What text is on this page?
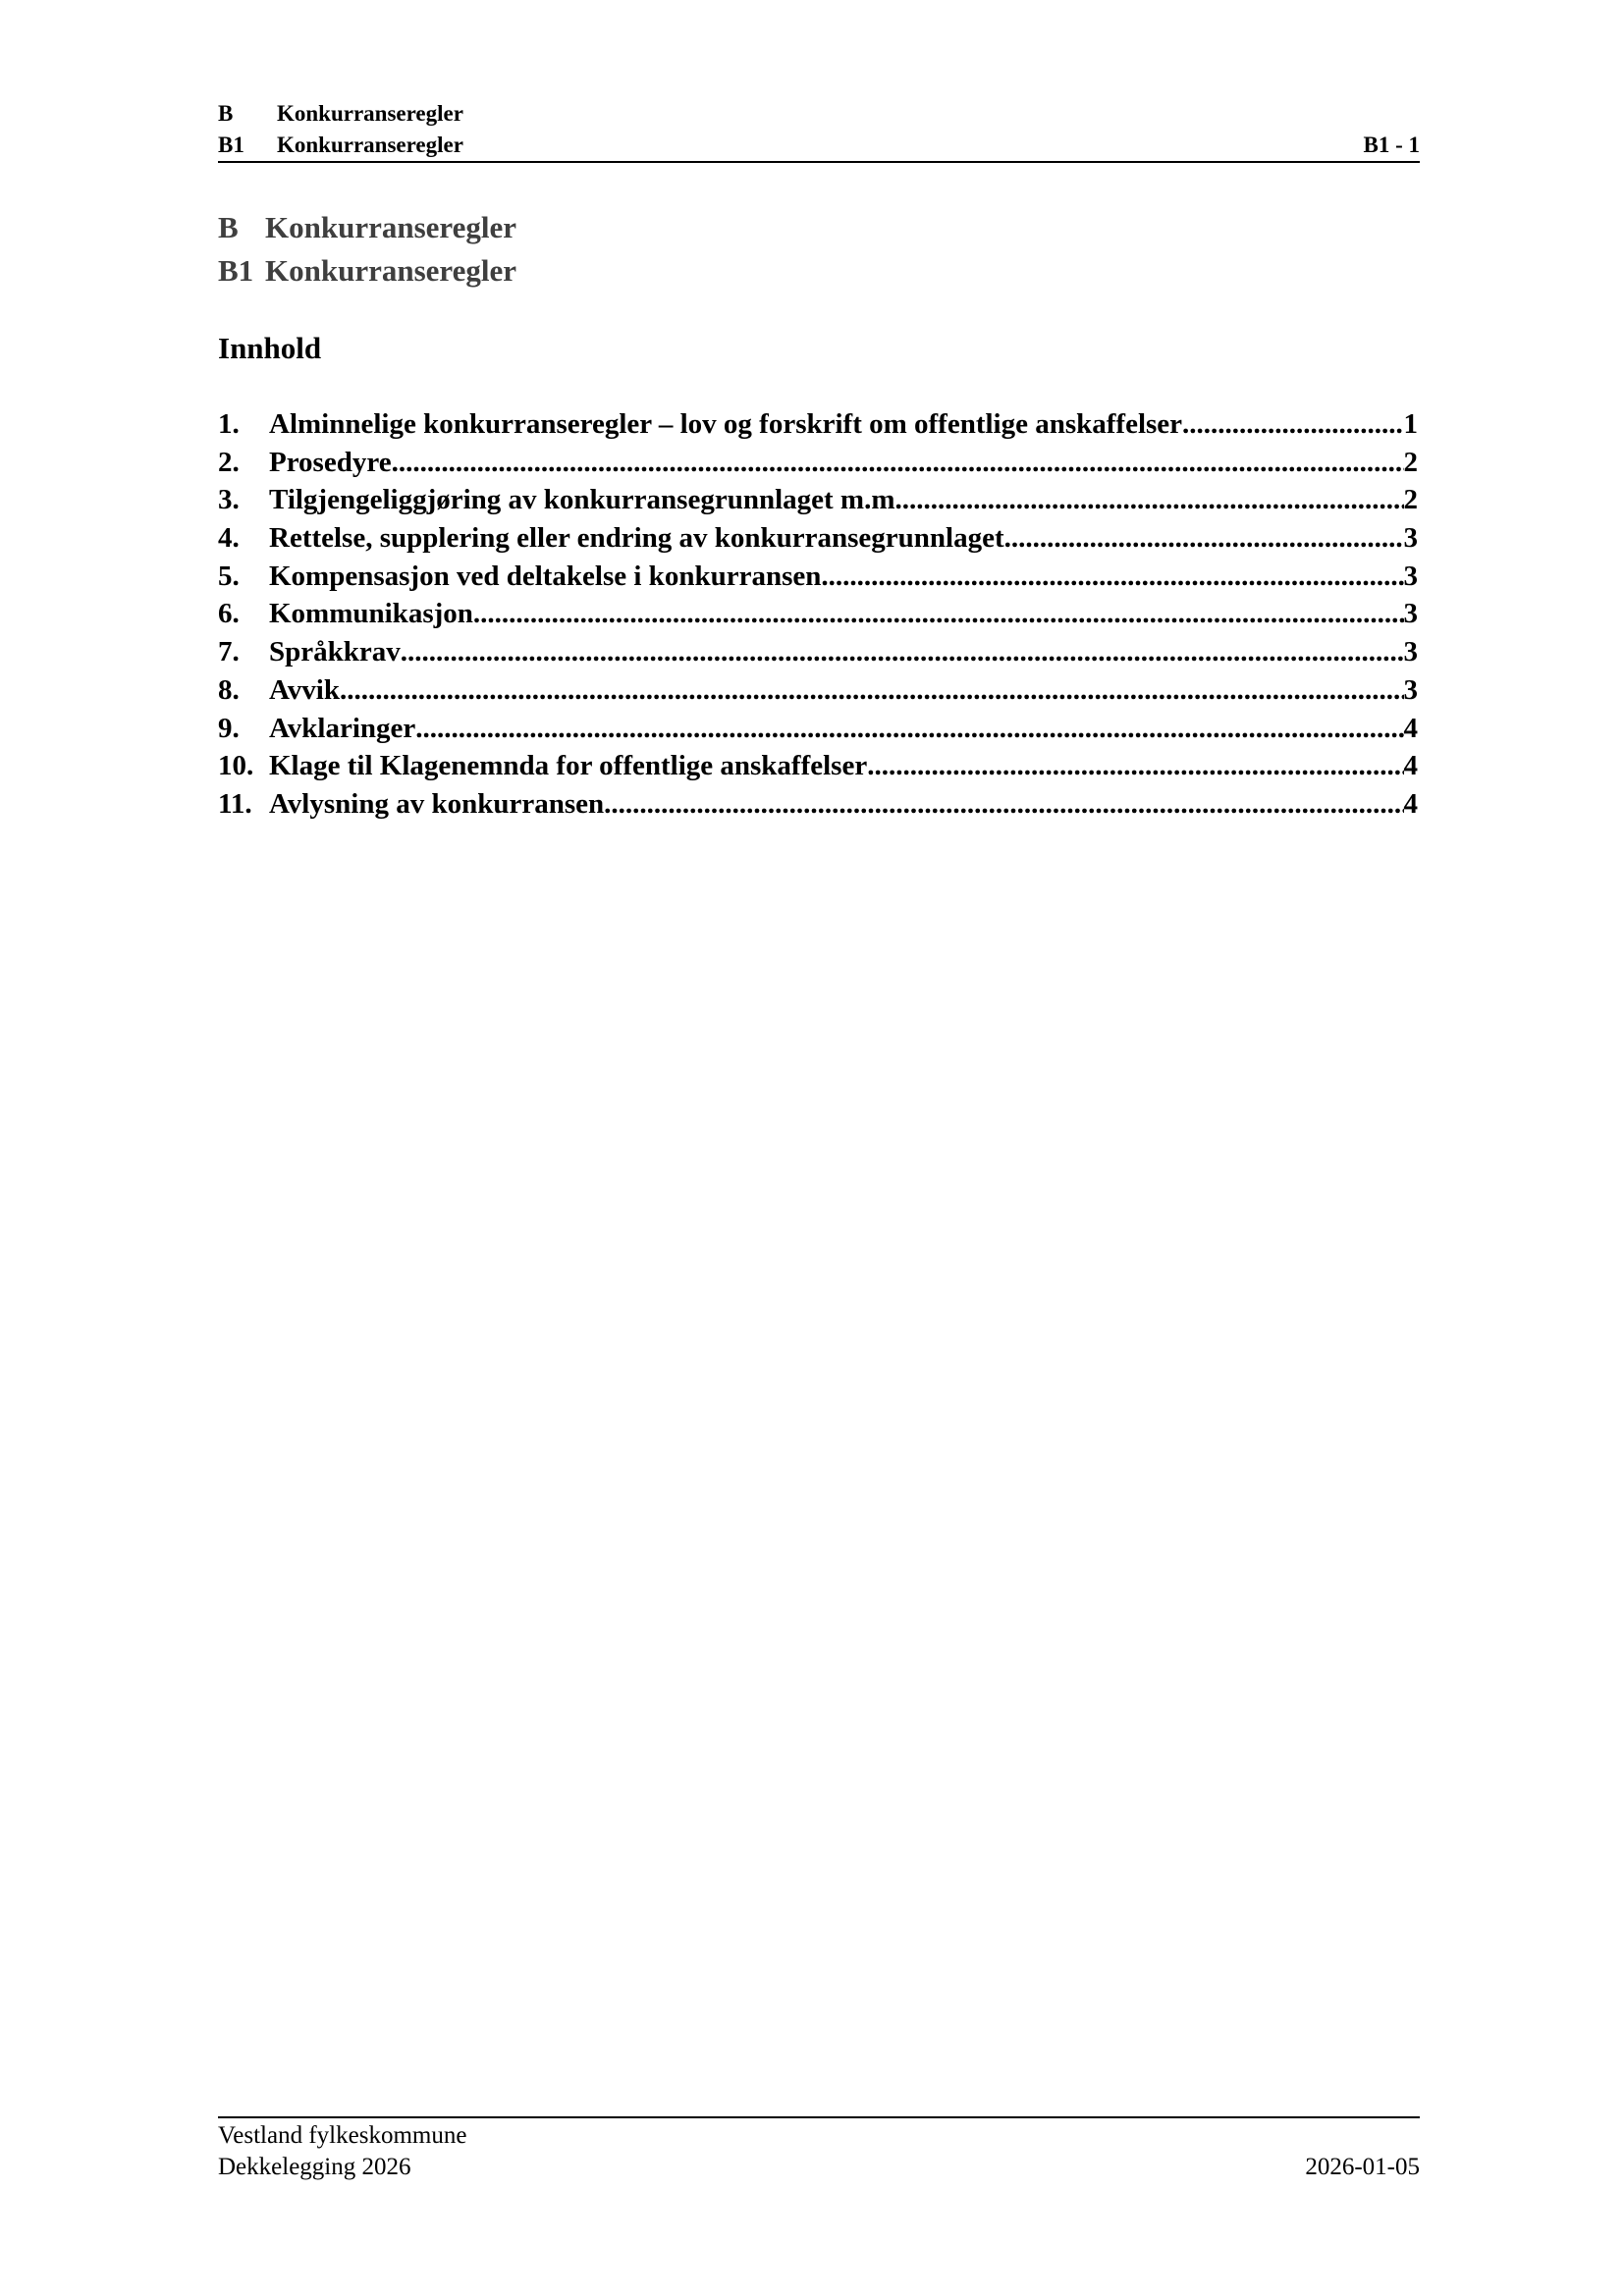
B	Konkurranseregler
B1	Konkurranseregler	B1 - 1
B Konkurranseregler
B1 Konkurranseregler
Innhold
1.	Alminnelige konkurranseregler – lov og forskrift om offentlige anskaffelser .....	1
2.	Prosedyre .....	2
3.	Tilgjengeliggjøring av konkurransegrunnlaget m.m. .....	2
4.	Rettelse, supplering eller endring av konkurransegrunnlaget .....	3
5.	Kompensasjon ved deltakelse i konkurransen .....	3
6.	Kommunikasjon .....	3
7.	Språkkrav .....	3
8.	Avvik .....	3
9.	Avklaringer .....	4
10. Klage til Klagenemnda for offentlige anskaffelser .....	4
11. Avlysning av konkurransen .....	4
Vestland fylkeskommune
Dekkelegging 2026	2026-01-05
